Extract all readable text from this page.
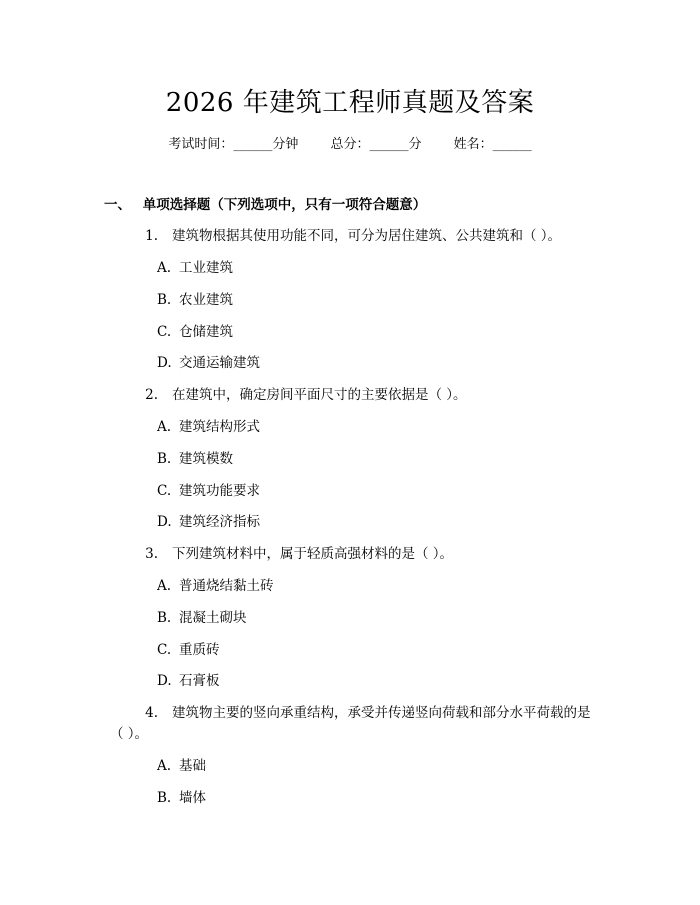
2026 年建筑工程师真题及答案
考试时间：______分钟 总分：______分 姓名：______
一、 单项选择题（下列选项中，只有一项符合题意）
1. 建筑物根据其使用功能不同，可分为居住建筑、公共建筑和（ ）。
A. 工业建筑
B. 农业建筑
C. 仓储建筑
D. 交通运输建筑
2. 在建筑中，确定房间平面尺寸的主要依据是（ ）。
A. 建筑结构形式
B. 建筑模数
C. 建筑功能要求
D. 建筑经济指标
3. 下列建筑材料中，属于轻质高强材料的是（ ）。
A. 普通烧结黏土砖
B. 混凝土砌块
C. 重质砖
D. 石膏板
4. 建筑物主要的竖向承重结构，承受并传递竖向荷载和部分水平荷载的是
（ ）。
A. 基础
B. 墙体
